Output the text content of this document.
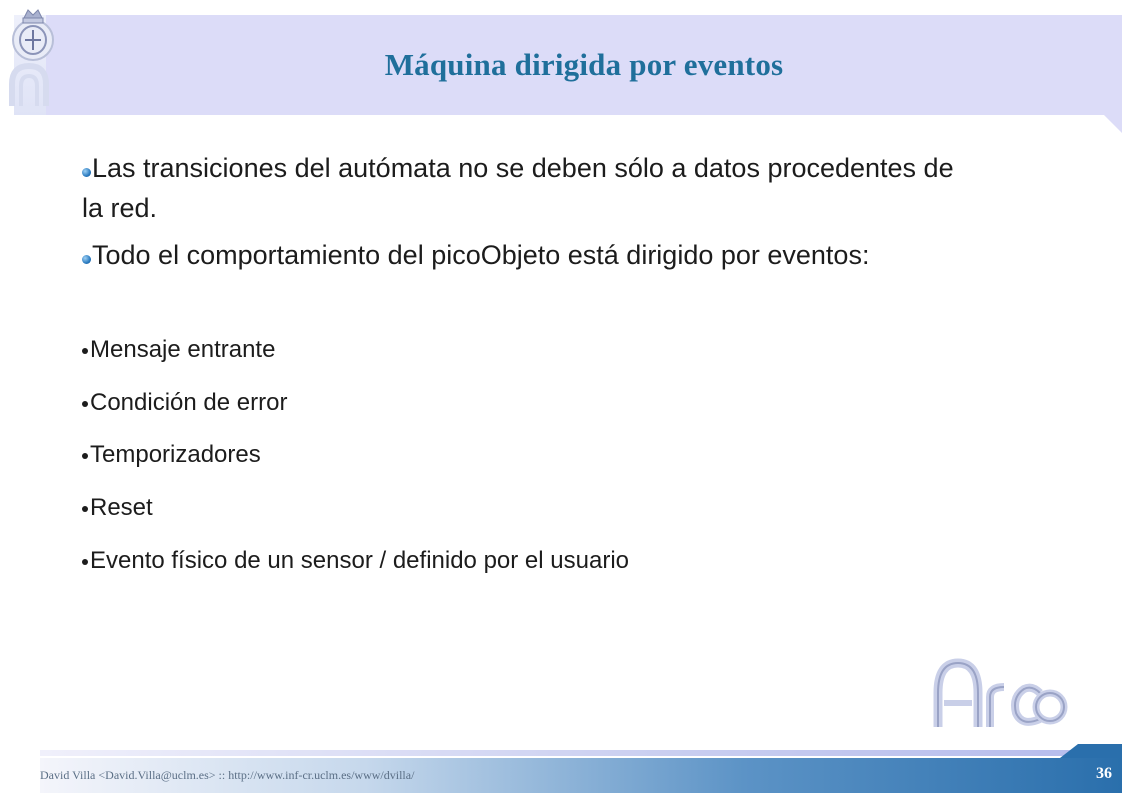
Máquina dirigida por eventos

Las transiciones del autómata no se deben sólo a datos procedentes de la red.

Todo el comportamiento del picoObjeto está dirigido por eventos:

Mensaje entrante
Condición de error
Temporizadores
Reset
Evento físico de un sensor / definido por el usuario
David Villa <David.Villa@uclm.es> :: http://www.inf-cr.uclm.es/www/dvilla/	36
